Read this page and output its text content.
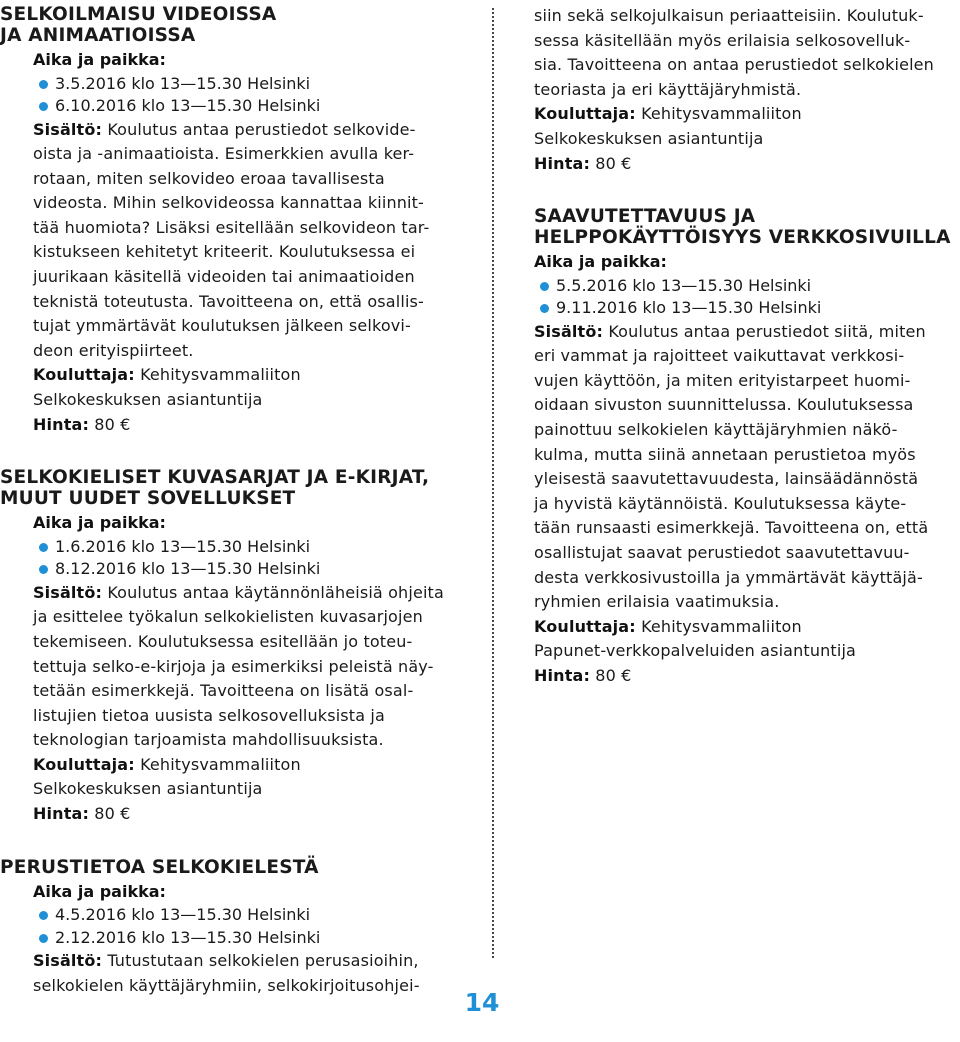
SELKOILMAISU VIDEOISSA
JA ANIMAATIOISSA

Aika ja paikka:

3.5.2016 klo 13—15.30 Helsinki
6.10.2016 klo 13—15.30 Helsinki

Sisältö: Koulutus antaa perustiedot selkovide-
oista ja -animaatioista. Esimerkkien avulla ker-
rotaan, miten selkovideo eroaa tavallisesta
videosta. Mihin selkovideossa kannattaa kiinnit-
tää huomiota? Lisäksi esitellään selkovideon tar-
kistukseen kehitetyt kriteerit. Koulutuksessa ei
juurikaan käsitellä videoiden tai animaatioiden
teknistä toteutusta. Tavoitteena on, että osallis-
tujat ymmärtävät koulutuksen jälkeen selkovi-
deon erityispiirteet.

Kouluttaja: Kehitysvammaliiton
Selkokeskuksen asiantuntija
Hinta: 80 €

SELKOKIELISET KUVASARJAT JA E-KIRJAT,
MUUT UUDET SOVELLUKSET

Aika ja paikka:

1.6.2016 klo 13—15.30 Helsinki
8.12.2016 klo 13—15.30 Helsinki

Sisältö: Koulutus antaa käytännönläheisiä ohjeita
ja esittelee työkalun selkokielisten kuvasarjojen
tekemiseen. Koulutuksessa esitellään jo toteu-
tettuja selko-e-kirjoja ja esimerkiksi peleistä näy-
tetään esimerkkejä. Tavoitteena on lisätä osal-
listujien tietoa uusista selkosovelluksista ja
teknologian tarjoamista mahdollisuuksista.

Kouluttaja: Kehitysvammaliiton
Selkokeskuksen asiantuntija
Hinta: 80 €

PERUSTIETOA SELKOKIELESTÄ

Aika ja paikka:

4.5.2016 klo 13—15.30 Helsinki
2.12.2016 klo 13—15.30 Helsinki

Sisältö: Tutustutaan selkokielen perusasioihin,
selkokielen käyttäjäryhmiin, selkokirjoitusohjei-

siin sekä selkojulkaisun periaatteisiin. Koulutuk-
sessa käsitellään myös erilaisia selkosovelluk-
sia. Tavoitteena on antaa perustiedot selkokielen
teoriasta ja eri käyttäjäryhmistä.

Kouluttaja: Kehitysvammaliiton
Selkokeskuksen asiantuntija
Hinta: 80 €

SAAVUTETTAVUUS JA
HELPPOKÄYTTÖISYYS VERKKOSIVUILLA

Aika ja paikka:

5.5.2016 klo 13—15.30 Helsinki
9.11.2016 klo 13—15.30 Helsinki

Sisältö: Koulutus antaa perustiedot siitä, miten
eri vammat ja rajoitteet vaikuttavat verkkosi-
vujen käyttöön, ja miten erityistarpeet huomi-
oidaan sivuston suunnittelussa. Koulutuksessa
painottuu selkokielen käyttäjäryhmien näkö-
kulma, mutta siinä annetaan perustietoa myös
yleisestä saavutettavuudesta, lainsäädännöstä
ja hyvistä käytännöistä. Koulutuksessa käyte-
tään runsaasti esimerkkejä. Tavoitteena on, että
osallistujat saavat perustiedot saavutettavuu-
desta verkkosivustoilla ja ymmärtävät käyttäjä-
ryhmien erilaisia vaatimuksia.

Kouluttaja: Kehitysvammaliiton
Papunet-verkkopalveluiden asiantuntija
Hinta: 80 €

14
